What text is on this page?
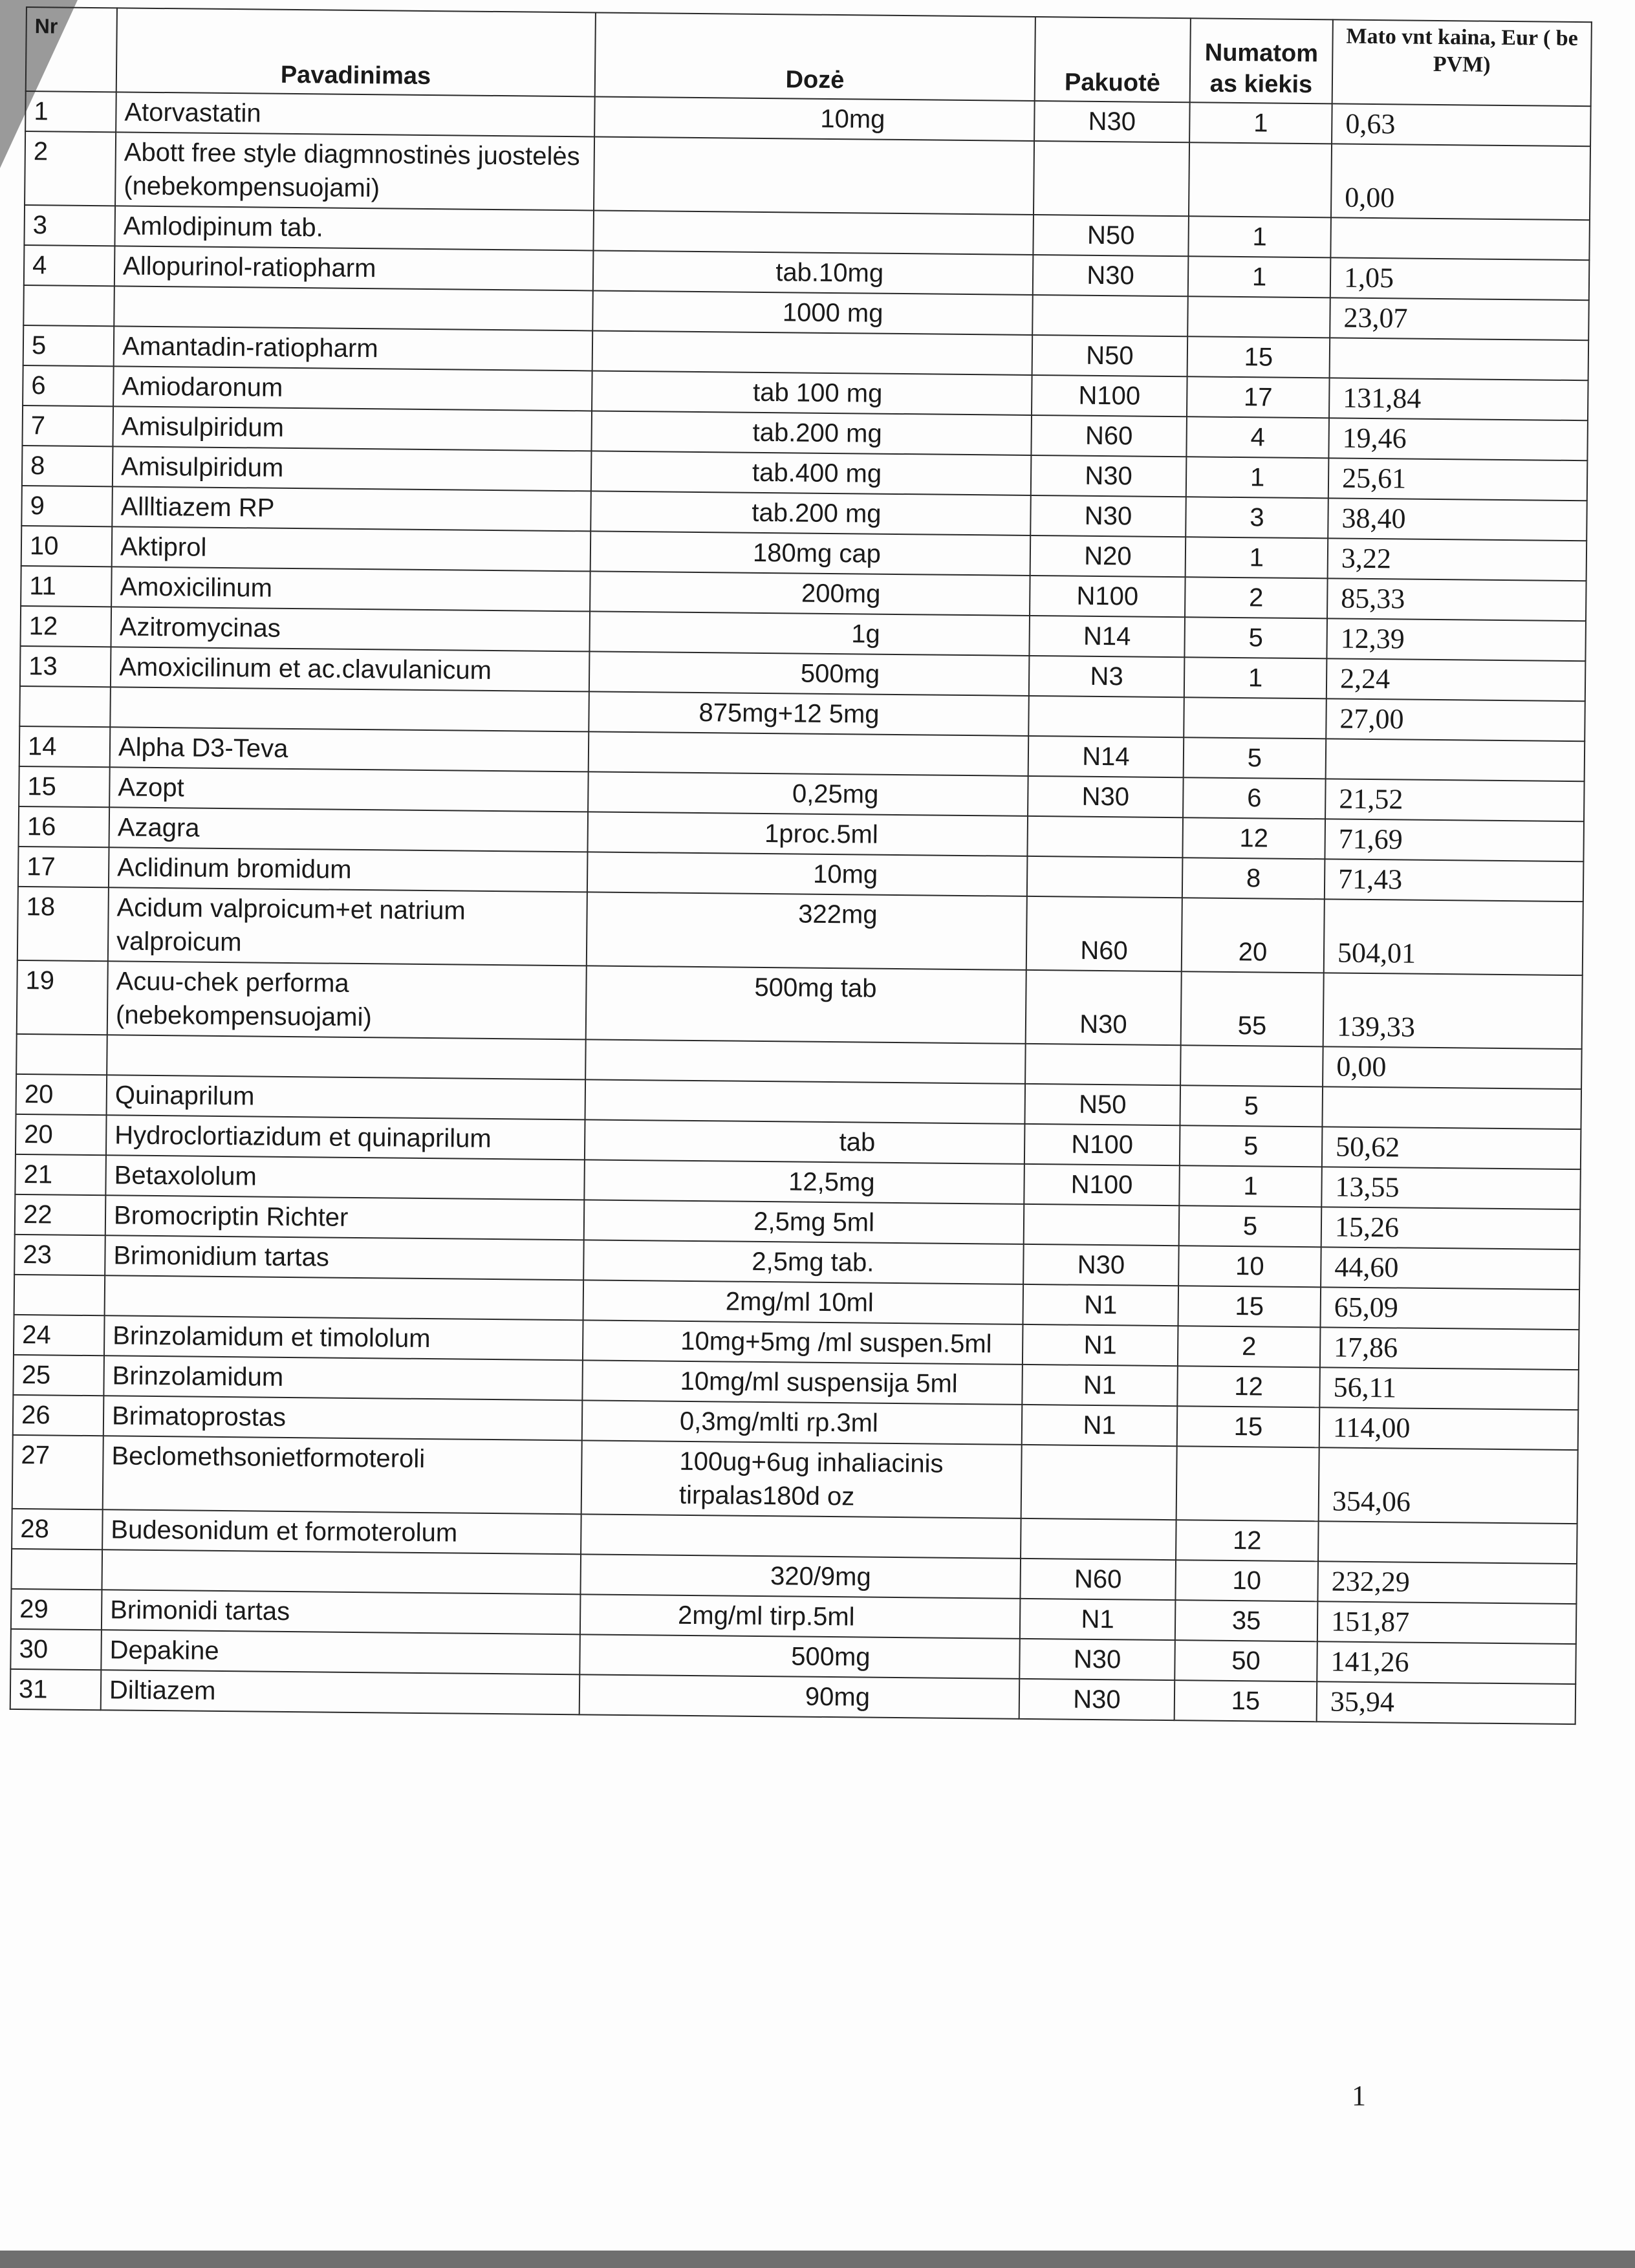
Nr	Pavadinimas	Dozė	Pakuotė	Numatom as kiekis	Mato vnt kaina, Eur ( be PVM)
1	Atorvastatin	10mg	N30	1	0,63
2	Abott free style diagmnostinės juostelės (nebekompensuojami)				0,00
3	Amlodipinum tab.		N50	1	
4	Allopurinol-ratiopharm	tab.10mg	N30	1	1,05
		1000 mg			23,07
5	Amantadin-ratiopharm		N50	15	
6	Amiodaronum	tab 100 mg	N100	17	131,84
7	Amisulpiridum	tab.200 mg	N60	4	19,46
8	Amisulpiridum	tab.400 mg	N30	1	25,61
9	Allltiazem RP	tab.200 mg	N30	3	38,40
10	Aktiprol	180mg cap	N20	1	3,22
11	Amoxicilinum	200mg	N100	2	85,33
12	Azitromycinas	1g	N14	5	12,39
13	Amoxicilinum et ac.clavulanicum	500mg	N3	1	2,24
		875mg+12 5mg			27,00
14	Alpha D3-Teva		N14	5	
15	Azopt	0,25mg	N30	6	21,52
16	Azagra	1proc.5ml		12	71,69
17	Aclidinum bromidum	10mg		8	71,43
18	Acidum valproicum+et natrium valproicum	322mg	N60	20	504,01
19	Acuu-chek performa (nebekompensuojami)	500mg tab	N30	55	139,33
					0,00
20	Quinaprilum		N50	5	
20	Hydroclortiazidum et quinaprilum	tab	N100	5	50,62
21	Betaxololum	12,5mg	N100	1	13,55
22	Bromocriptin Richter	2,5mg 5ml		5	15,26
23	Brimonidium tartas	2,5mg tab.	N30	10	44,60
		2mg/ml 10ml	N1	15	65,09
24	Brinzolamidum et timololum	10mg+5mg /ml suspen.5ml	N1	2	17,86
25	Brinzolamidum	10mg/ml suspensija 5ml	N1	12	56,11
26	Brimatoprostas	0,3mg/mlti rp.3ml	N1	15	114,00
27	Beclomethsonietformoteroli	100ug+6ug inhaliacinis tirpalas180d oz			354,06
28	Budesonidum et formoterolum			12	
		320/9mg	N60	10	232,29
29	Brimonidi tartas	2mg/ml tirp.5ml	N1	35	151,87
30	Depakine	500mg	N30	50	141,26
31	Diltiazem	90mg	N30	15	35,94
1
